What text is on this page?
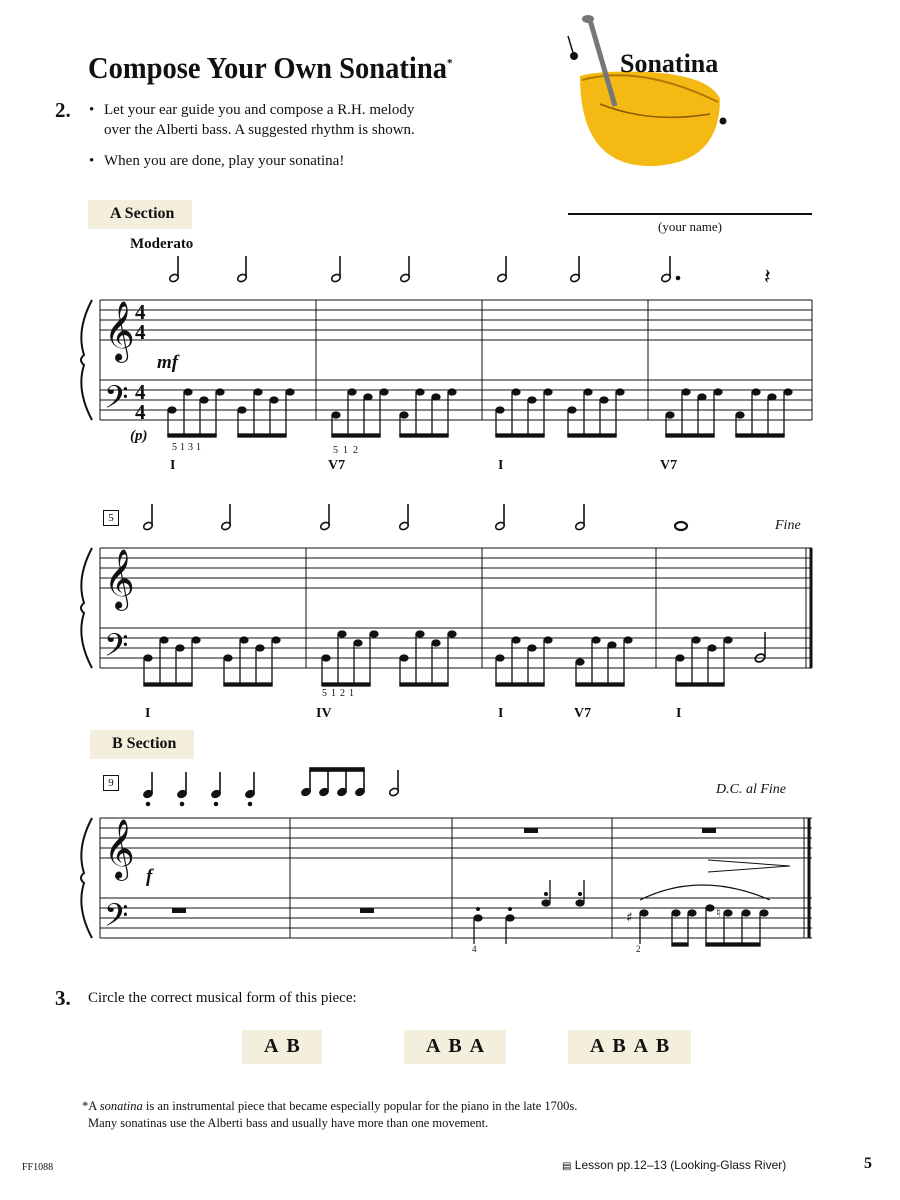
Compose Your Own Sonatina*	Sonatina
2.
• Let your ear guide you and compose a R.H. melody
over the Alberti bass. A suggested rhythm is shown.
• When you are done, play your sonatina!
A Section
(your name)
Moderato
mf
(p)
5131	512
I	V7	I	V7
5	Fine
5121
I	IV	I	V7	I
B Section
9	D.C. al Fine
f
4	2
3. Circle the correct musical form of this piece:
A B	A B A	A B A B
*A sonatina is an instrumental piece that became especially popular for the piano in the late 1700s.
Many sonatinas use the Alberti bass and usually have more than one movement.
FF1088	▤ Lesson pp.12–13 (Looking-Glass River)	5
𝄞
𝄢
𝄞
𝄢
𝄞
𝄢
4
4
4
4
𝄽
♯	♮
